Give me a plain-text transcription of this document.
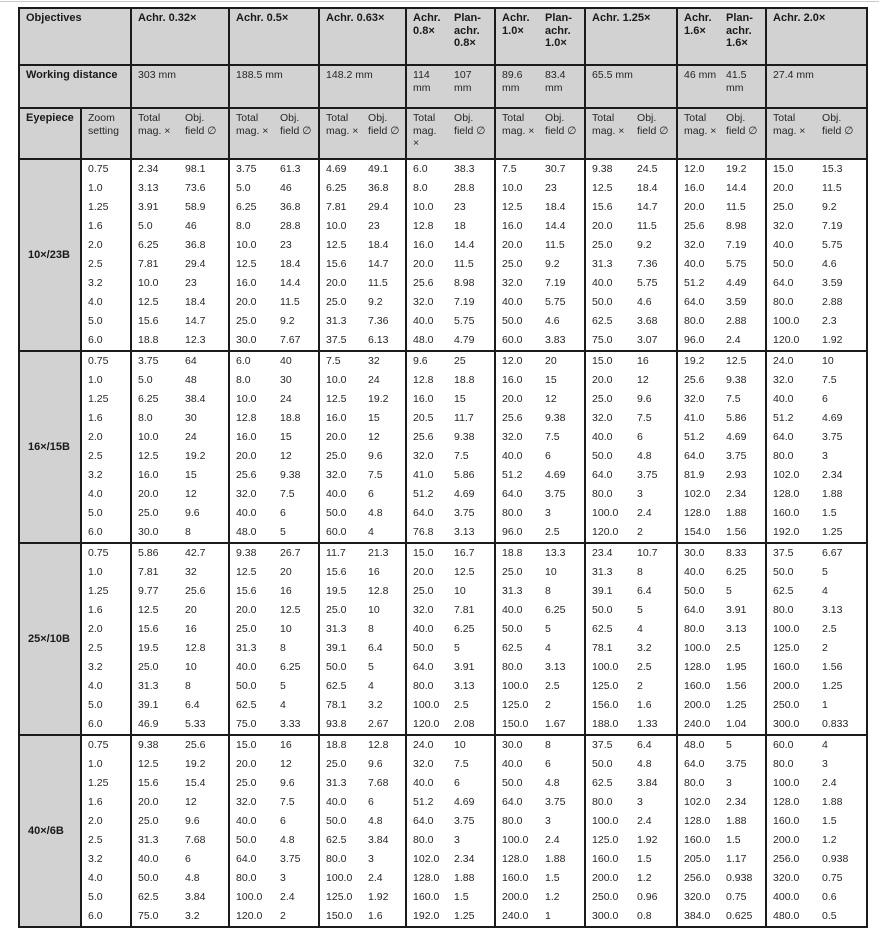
Objectives		Achr. 0.32×		Achr. 0.5×		Achr. 0.63×		Achr. 0.8×	Plan-achr. 0.8×	Achr. 1.0×	Plan-achr. 1.0×	Achr. 1.25×		Achr. 1.6×	Plan-achr. 1.6×	Achr. 2.0×	
Working distance		303 mm		188.5 mm		148.2 mm		114 mm	107 mm	89.6 mm	83.4 mm	65.5 mm		46 mm	41.5 mm	27.4 mm	
Eyepiece	Zoom setting	Total mag. ×	Obj. field ∅	Total mag. ×	Obj. field ∅	Total mag. ×	Obj. field ∅	Total mag. ×	Obj. field ∅	Total mag. ×	Obj. field ∅	Total mag. ×	Obj. field ∅	Total mag. ×	Obj. field ∅	Total mag. ×	Obj. field ∅
10×/23B	0.75	2.34	98.1	3.75	61.3	4.69	49.1	6.0	38.3	7.5	30.7	9.38	24.5	12.0	19.2	15.0	15.3
	1.0	3.13	73.6	5.0	46	6.25	36.8	8.0	28.8	10.0	23	12.5	18.4	16.0	14.4	20.0	11.5
	1.25	3.91	58.9	6.25	36.8	7.81	29.4	10.0	23	12.5	18.4	15.6	14.7	20.0	11.5	25.0	9.2
	1.6	5.0	46	8.0	28.8	10.0	23	12.8	18	16.0	14.4	20.0	11.5	25.6	8.98	32.0	7.19
	2.0	6.25	36.8	10.0	23	12.5	18.4	16.0	14.4	20.0	11.5	25.0	9.2	32.0	7.19	40.0	5.75
	2.5	7.81	29.4	12.5	18.4	15.6	14.7	20.0	11.5	25.0	9.2	31.3	7.36	40.0	5.75	50.0	4.6
	3.2	10.0	23	16.0	14.4	20.0	11.5	25.6	8.98	32.0	7.19	40.0	5.75	51.2	4.49	64.0	3.59
	4.0	12.5	18.4	20.0	11.5	25.0	9.2	32.0	7.19	40.0	5.75	50.0	4.6	64.0	3.59	80.0	2.88
	5.0	15.6	14.7	25.0	9.2	31.3	7.36	40.0	5.75	50.0	4.6	62.5	3.68	80.0	2.88	100.0	2.3
	6.0	18.8	12.3	30.0	7.67	37.5	6.13	48.0	4.79	60.0	3.83	75.0	3.07	96.0	2.4	120.0	1.92
16×/15B	0.75	3.75	64	6.0	40	7.5	32	9.6	25	12.0	20	15.0	16	19.2	12.5	24.0	10
	1.0	5.0	48	8.0	30	10.0	24	12.8	18.8	16.0	15	20.0	12	25.6	9.38	32.0	7.5
	1.25	6.25	38.4	10.0	24	12.5	19.2	16.0	15	20.0	12	25.0	9.6	32.0	7.5	40.0	6
	1.6	8.0	30	12.8	18.8	16.0	15	20.5	11.7	25.6	9.38	32.0	7.5	41.0	5.86	51.2	4.69
	2.0	10.0	24	16.0	15	20.0	12	25.6	9.38	32.0	7.5	40.0	6	51.2	4.69	64.0	3.75
	2.5	12.5	19.2	20.0	12	25.0	9.6	32.0	7.5	40.0	6	50.0	4.8	64.0	3.75	80.0	3
	3.2	16.0	15	25.6	9.38	32.0	7.5	41.0	5.86	51.2	4.69	64.0	3.75	81.9	2.93	102.0	2.34
	4.0	20.0	12	32.0	7.5	40.0	6	51.2	4.69	64.0	3.75	80.0	3	102.0	2.34	128.0	1.88
	5.0	25.0	9.6	40.0	6	50.0	4.8	64.0	3.75	80.0	3	100.0	2.4	128.0	1.88	160.0	1.5
	6.0	30.0	8	48.0	5	60.0	4	76.8	3.13	96.0	2.5	120.0	2	154.0	1.56	192.0	1.25
25×/10B	0.75	5.86	42.7	9.38	26.7	11.7	21.3	15.0	16.7	18.8	13.3	23.4	10.7	30.0	8.33	37.5	6.67
	1.0	7.81	32	12.5	20	15.6	16	20.0	12.5	25.0	10	31.3	8	40.0	6.25	50.0	5
	1.25	9.77	25.6	15.6	16	19.5	12.8	25.0	10	31.3	8	39.1	6.4	50.0	5	62.5	4
	1.6	12.5	20	20.0	12.5	25.0	10	32.0	7.81	40.0	6.25	50.0	5	64.0	3.91	80.0	3.13
	2.0	15.6	16	25.0	10	31.3	8	40.0	6.25	50.0	5	62.5	4	80.0	3.13	100.0	2.5
	2.5	19.5	12.8	31.3	8	39.1	6.4	50.0	5	62.5	4	78.1	3.2	100.0	2.5	125.0	2
	3.2	25.0	10	40.0	6.25	50.0	5	64.0	3.91	80.0	3.13	100.0	2.5	128.0	1.95	160.0	1.56
	4.0	31.3	8	50.0	5	62.5	4	80.0	3.13	100.0	2.5	125.0	2	160.0	1.56	200.0	1.25
	5.0	39.1	6.4	62.5	4	78.1	3.2	100.0	2.5	125.0	2	156.0	1.6	200.0	1.25	250.0	1
	6.0	46.9	5.33	75.0	3.33	93.8	2.67	120.0	2.08	150.0	1.67	188.0	1.33	240.0	1.04	300.0	0.833
40×/6B	0.75	9.38	25.6	15.0	16	18.8	12.8	24.0	10	30.0	8	37.5	6.4	48.0	5	60.0	4
	1.0	12.5	19.2	20.0	12	25.0	9.6	32.0	7.5	40.0	6	50.0	4.8	64.0	3.75	80.0	3
	1.25	15.6	15.4	25.0	9.6	31.3	7.68	40.0	6	50.0	4.8	62.5	3.84	80.0	3	100.0	2.4
	1.6	20.0	12	32.0	7.5	40.0	6	51.2	4.69	64.0	3.75	80.0	3	102.0	2.34	128.0	1.88
	2.0	25.0	9.6	40.0	6	50.0	4.8	64.0	3.75	80.0	3	100.0	2.4	128.0	1.88	160.0	1.5
	2.5	31.3	7.68	50.0	4.8	62.5	3.84	80.0	3	100.0	2.4	125.0	1.92	160.0	1.5	200.0	1.2
	3.2	40.0	6	64.0	3.75	80.0	3	102.0	2.34	128.0	1.88	160.0	1.5	205.0	1.17	256.0	0.938
	4.0	50.0	4.8	80.0	3	100.0	2.4	128.0	1.88	160.0	1.5	200.0	1.2	256.0	0.938	320.0	0.75
	5.0	62.5	3.84	100.0	2.4	125.0	1.92	160.0	1.5	200.0	1.2	250.0	0.96	320.0	0.75	400.0	0.6
	6.0	75.0	3.2	120.0	2	150.0	1.6	192.0	1.25	240.0	1	300.0	0.8	384.0	0.625	480.0	0.5
